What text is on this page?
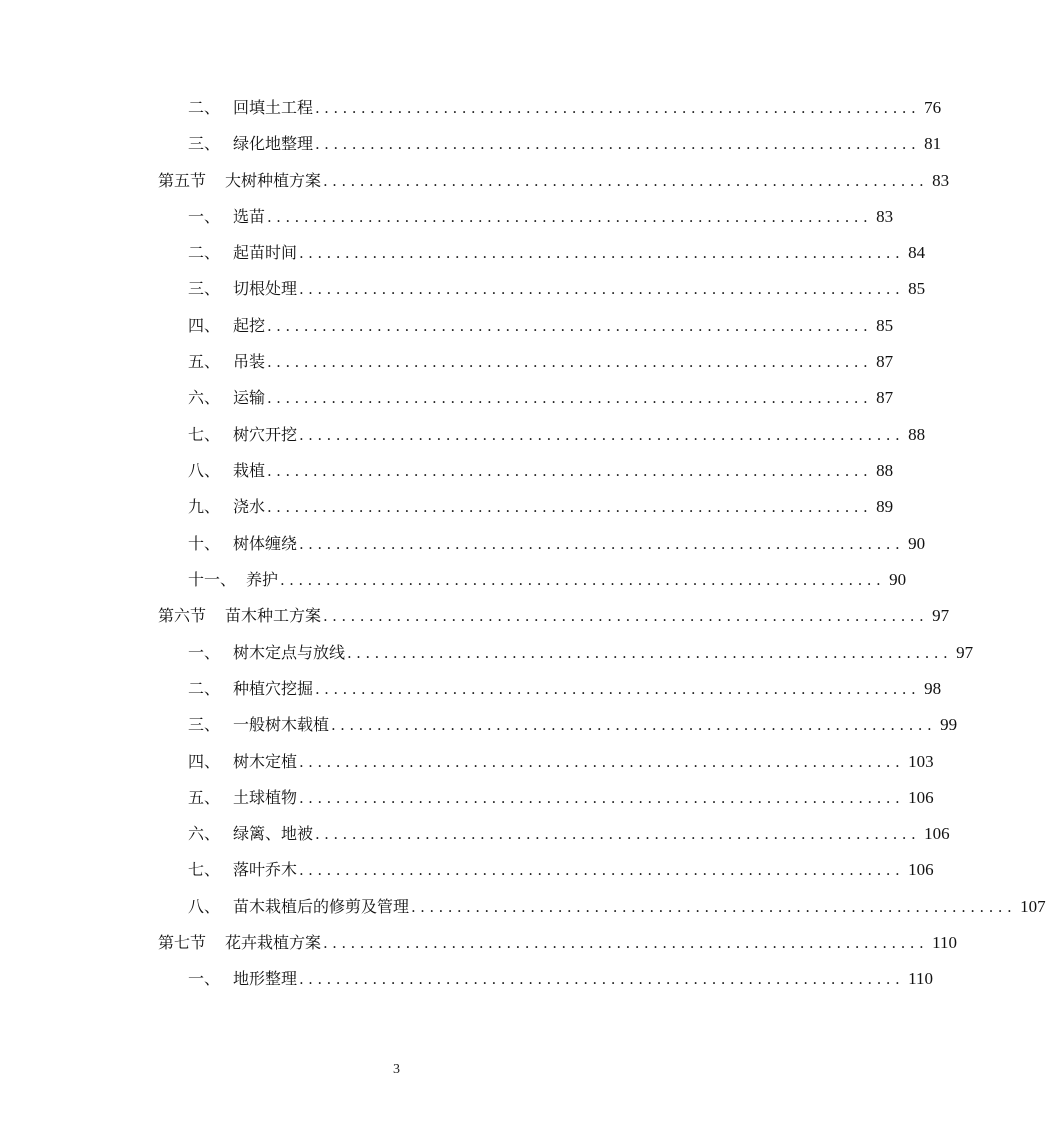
二、 回填土工程 .................................................................. 76
三、 绿化地整理 .................................................................. 81
第五节	大树种植方案 .................................................................. 83
一、 选苗 .................................................................. 83
二、 起苗时间 .................................................................. 84
三、 切根处理 .................................................................. 85
四、 起挖 .................................................................. 85
五、 吊装 .................................................................. 87
六、 运输 .................................................................. 87
七、 树穴开挖 .................................................................. 88
八、 栽植 .................................................................. 88
九、 浇水 .................................................................. 89
十、 树体缠绕 .................................................................. 90
十一、 养护 .................................................................. 90
第六节	苗木种工方案 .................................................................. 97
一、 树木定点与放线 .................................................................. 97
二、 种植穴挖掘 .................................................................. 98
三、 一般树木载植 .................................................................. 99
四、 树木定植 .................................................................. 103
五、 土球植物 .................................................................. 106
六、 绿篱、地被 .................................................................. 106
七、 落叶乔木 .................................................................. 106
八、 苗木栽植后的修剪及管理 .................................................................. 107
第七节	花卉栽植方案 .................................................................. 110
一、 地形整理 .................................................................. 110
3
